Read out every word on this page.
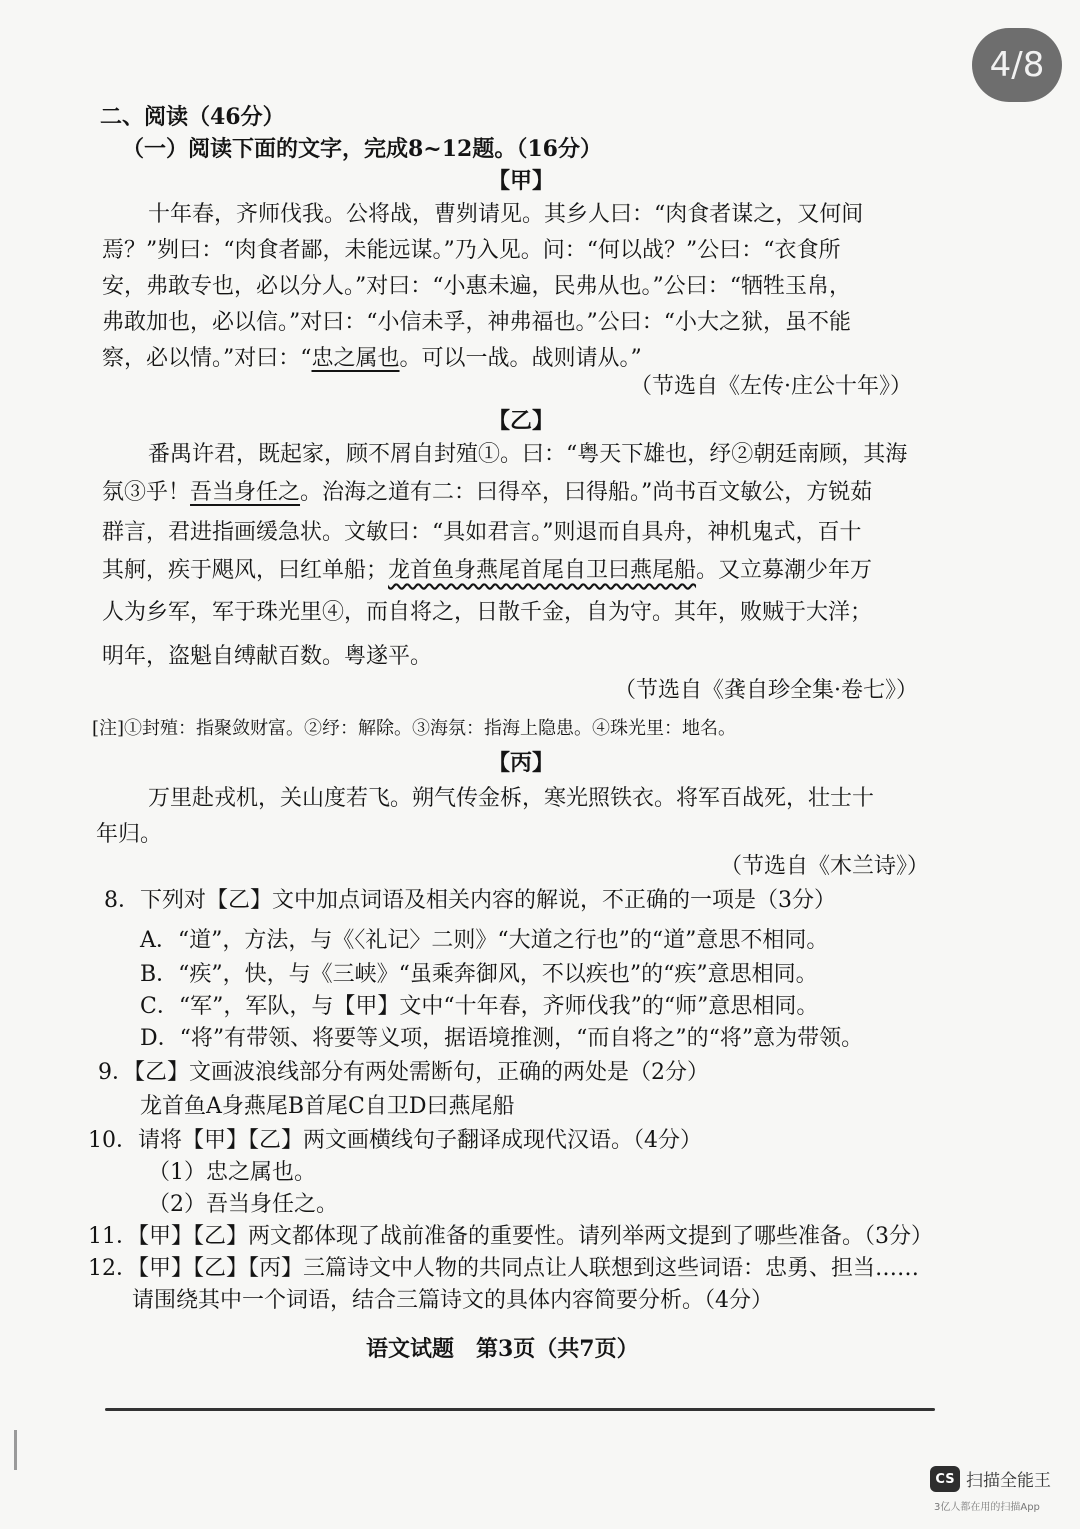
4/8
二、阅读（46分）
（一）阅读下面的文字，完成8~12题。（16分）
【甲】
十年春，齐师伐我。公将战，曹刿请见。其乡人曰：“肉食者谋之，又何间
焉？”刿曰：“肉食者鄙，未能远谋。”乃入见。问：“何以战？”公曰：“衣食所
安，弗敢专也，必以分人。”对曰：“小惠未遍，民弗从也。”公曰：“牺牲玉帛，
弗敢加也，必以信。”对曰：“小信未孚，神弗福也。”公曰：“小大之狱，虽不能
察，必以情。”对曰：“忠之属也。可以一战。战则请从。”
（节选自《左传·庄公十年》）
【乙】
番禺许君，既起家，顾不屑自封殖①。曰：“粤天下雄也，纾②朝廷南顾，其海
氛③乎！吾当身任之。治海之道有二：曰得卒，曰得船。”尚书百文敏公，方锐茹
群言，君进指画缓急状。文敏曰：“具如君言。”则退而自具舟，神机鬼式，百十
其舸，疾于飓风，曰红单船；龙首鱼身燕尾首尾自卫曰燕尾船。又立募潮少年万
人为乡军，军于珠光里④，而自将之，日散千金，自为守。其年，败贼于大洋；
明年，盗魁自缚献百数。粤遂平。
（节选自《龚自珍全集·卷七》）
[注]①封殖：指聚敛财富。②纾：解除。③海氛：指海上隐患。④珠光里：地名。
【丙】
万里赴戎机，关山度若飞。朔气传金柝，寒光照铁衣。将军百战死，壮士十
年归。
（节选自《木兰诗》）
8．下列对【乙】文中加点词语及相关内容的解说，不正确的一项是（3分）
A．“道”，方法，与《〈礼记〉二则》“大道之行也”的“道”意思不相同。
B．“疾”，快，与《三峡》“虽乘奔御风，不以疾也”的“疾”意思相同。
C．“军”，军队，与【甲】文中“十年春，齐师伐我”的“师”意思相同。
D．“将”有带领、将要等义项，据语境推测，“而自将之”的“将”意为带领。
9．【乙】文画波浪线部分有两处需断句，正确的两处是（2分）
龙首鱼A身燕尾B首尾C自卫D曰燕尾船
10．请将【甲】【乙】两文画横线句子翻译成现代汉语。（4分）
（1）忠之属也。
（2）吾当身任之。
11．【甲】【乙】两文都体现了战前准备的重要性。请列举两文提到了哪些准备。（3分）
12．【甲】【乙】【丙】三篇诗文中人物的共同点让人联想到这些词语：忠勇、担当……
请围绕其中一个词语，结合三篇诗文的具体内容简要分析。（4分）
语文试题　第3页（共7页）
CS 扫描全能王
3亿人都在用的扫描App
